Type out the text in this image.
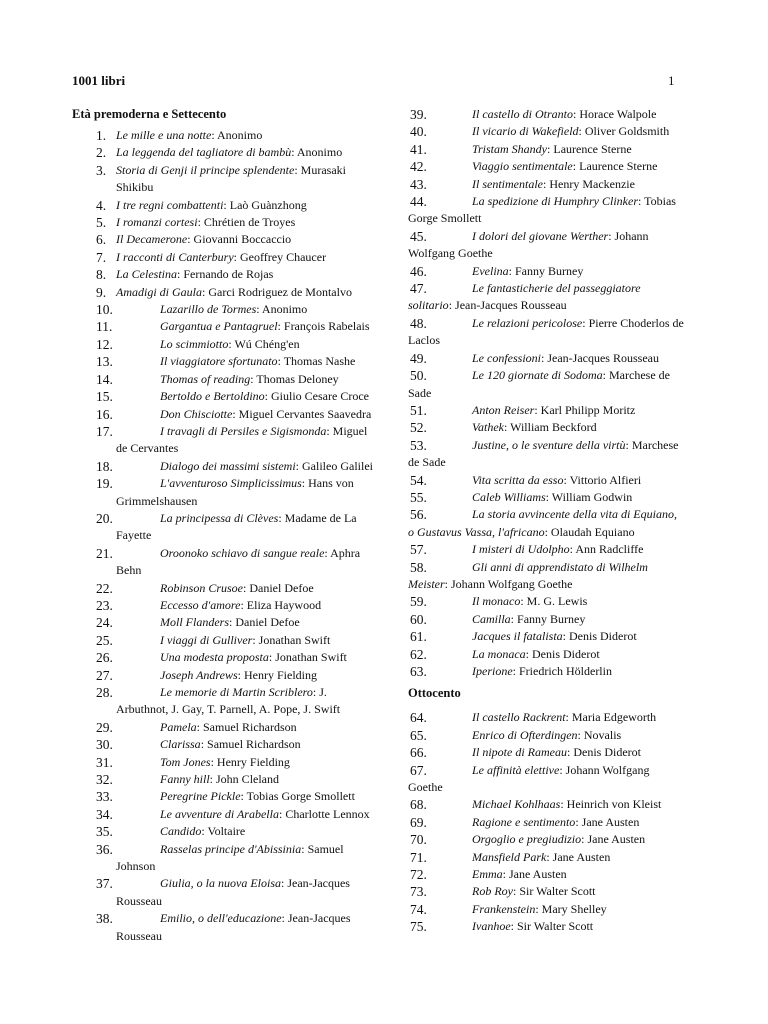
1001 libri	1
Età premoderna e Settecento
1. Le mille e una notte: Anonimo
2. La leggenda del tagliatore di bambù: Anonimo
3. Storia di Genji il principe splendente: Murasaki
Shikibu
4. I tre regni combattenti: Laò Guànzhong
5. I romanzi cortesi: Chrétien de Troyes
6. Il Decamerone: Giovanni Boccaccio
7. I racconti di Canterbury: Geoffrey Chaucer
8. La Celestina: Fernando de Rojas
9. Amadigi di Gaula: Garci Rodriguez de Montalvo
10.	Lazarillo de Tormes: Anonimo
11.	Gargantua e Pantagruel: François Rabelais
12.	Lo scimmiotto: Wú Chéng'en
13.	Il viaggiatore sfortunato: Thomas Nashe
14.	Thomas of reading: Thomas Deloney
15.	Bertoldo e Bertoldino: Giulio Cesare Croce
16.	Don Chisciotte: Miguel Cervantes Saavedra
17.	I travagli di Persiles e Sigismonda: Miguel
de Cervantes
18.	Dialogo dei massimi sistemi: Galileo Galilei
19.	L'avventuroso Simplicissimus: Hans von
Grimmelshausen
20.	La principessa di Clèves: Madame de La
Fayette
21.	Oroonoko schiavo di sangue reale: Aphra
Behn
22.	Robinson Crusoe: Daniel Defoe
23.	Eccesso d'amore: Eliza Haywood
24.	Moll Flanders: Daniel Defoe
25.	I viaggi di Gulliver: Jonathan Swift
26.	Una modesta proposta: Jonathan Swift
27.	Joseph Andrews: Henry Fielding
28.	Le memorie di Martin Scriblero: J.
Arbuthnot, J. Gay, T. Parnell, A. Pope, J. Swift
29.	Pamela: Samuel Richardson
30.	Clarissa: Samuel Richardson
31.	Tom Jones: Henry Fielding
32.	Fanny hill: John Cleland
33.	Peregrine Pickle: Tobias Gorge Smollett
34.	Le avventure di Arabella: Charlotte Lennox
35.	Candido: Voltaire
36.	Rasselas principe d'Abissinia: Samuel
Johnson
37.	Giulia, o la nuova Eloisa: Jean-Jacques
Rousseau
38.	Emilio, o dell'educazione: Jean-Jacques
Rousseau
39.	Il castello di Otranto: Horace Walpole
40.	Il vicario di Wakefield: Oliver Goldsmith
41.	Tristam Shandy: Laurence Sterne
42.	Viaggio sentimentale: Laurence Sterne
43.	Il sentimentale: Henry Mackenzie
44.	La spedizione di Humphry Clinker: Tobias
Gorge Smollett
45.	I dolori del giovane Werther: Johann
Wolfgang Goethe
46.	Evelina: Fanny Burney
47.	Le fantasticherie del passeggiatore
solitario: Jean-Jacques Rousseau
48.	Le relazioni pericolose: Pierre Choderlos de
Laclos
49.	Le confessioni: Jean-Jacques Rousseau
50.	Le 120 giornate di Sodoma: Marchese de
Sade
51.	Anton Reiser: Karl Philipp Moritz
52.	Vathek: William Beckford
53.	Justine, o le sventure della virtù: Marchese
de Sade
54.	Vita scritta da esso: Vittorio Alfieri
55.	Caleb Williams: William Godwin
56.	La storia avvincente della vita di Equiano,
o Gustavus Vassa, l'africano: Olaudah Equiano
57.	I misteri di Udolpho: Ann Radcliffe
58.	Gli anni di apprendistato di Wilhelm
Meister: Johann Wolfgang Goethe
59.	Il monaco: M. G. Lewis
60.	Camilla: Fanny Burney
61.	Jacques il fatalista: Denis Diderot
62.	La monaca: Denis Diderot
63.	Iperione: Friedrich Hölderlin
Ottocento
64.	Il castello Rackrent: Maria Edgeworth
65.	Enrico di Ofterdingen: Novalis
66.	Il nipote di Rameau: Denis Diderot
67.	Le affinità elettive: Johann Wolfgang
Goethe
68.	Michael Kohlhaas: Heinrich von Kleist
69.	Ragione e sentimento: Jane Austen
70.	Orgoglio e pregiudizio: Jane Austen
71.	Mansfield Park: Jane Austen
72.	Emma: Jane Austen
73.	Rob Roy: Sir Walter Scott
74.	Frankenstein: Mary Shelley
75.	Ivanhoe: Sir Walter Scott
